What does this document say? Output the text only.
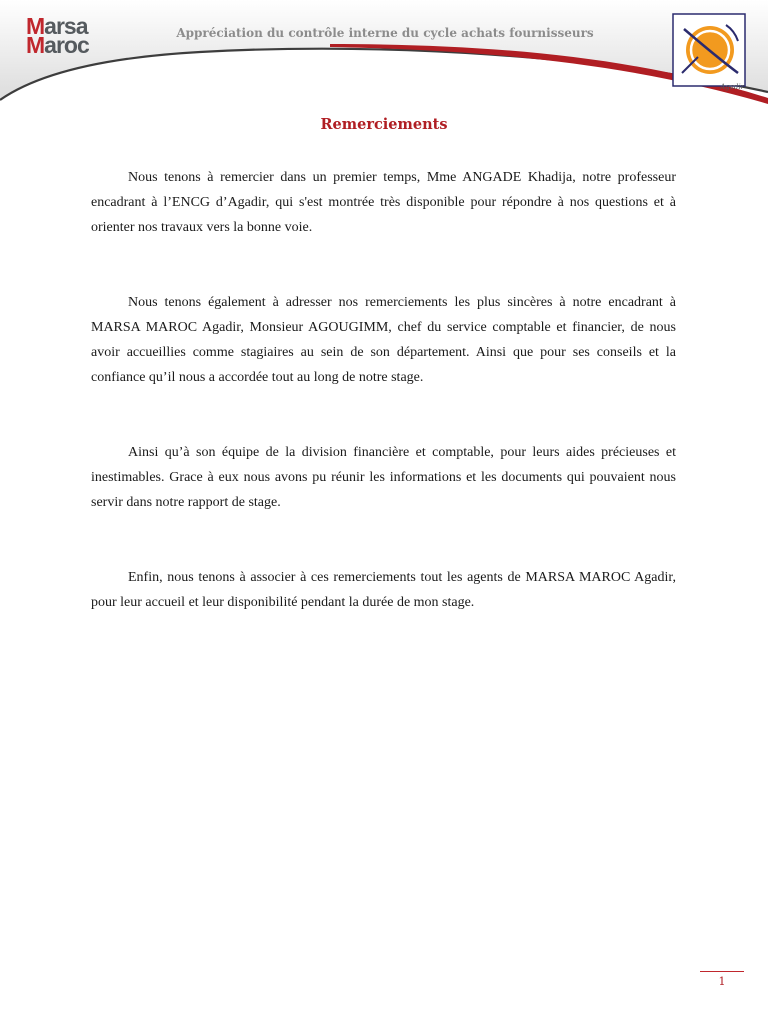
Marsa
Maroc	Appréciation du contrôle interne du cycle achats fournisseurs
Agadir
Remerciements

Nous tenons à remercier dans un premier temps, Mme ANGADE Khadija, notre professeur encadrant à l’ENCG d’Agadir, qui s'est montrée très disponible pour répondre à nos questions et à orienter nos travaux vers la bonne voie.

Nous tenons également à adresser nos remerciements les plus sincères à notre encadrant à MARSA MAROC Agadir, Monsieur AGOUGIMM, chef du service comptable et financier, de nous avoir accueillies comme stagiaires au sein de son département. Ainsi que pour ses conseils et la confiance qu’il nous a accordée tout au long de notre stage.

Ainsi qu’à son équipe de la division financière et comptable, pour leurs aides précieuses et inestimables. Grace à eux nous avons pu réunir les informations et les documents qui pouvaient nous servir dans notre rapport de stage.

Enfin, nous tenons à associer à ces remerciements tout les agents de MARSA MAROC Agadir, pour leur accueil et leur disponibilité pendant la durée de mon stage.

1
